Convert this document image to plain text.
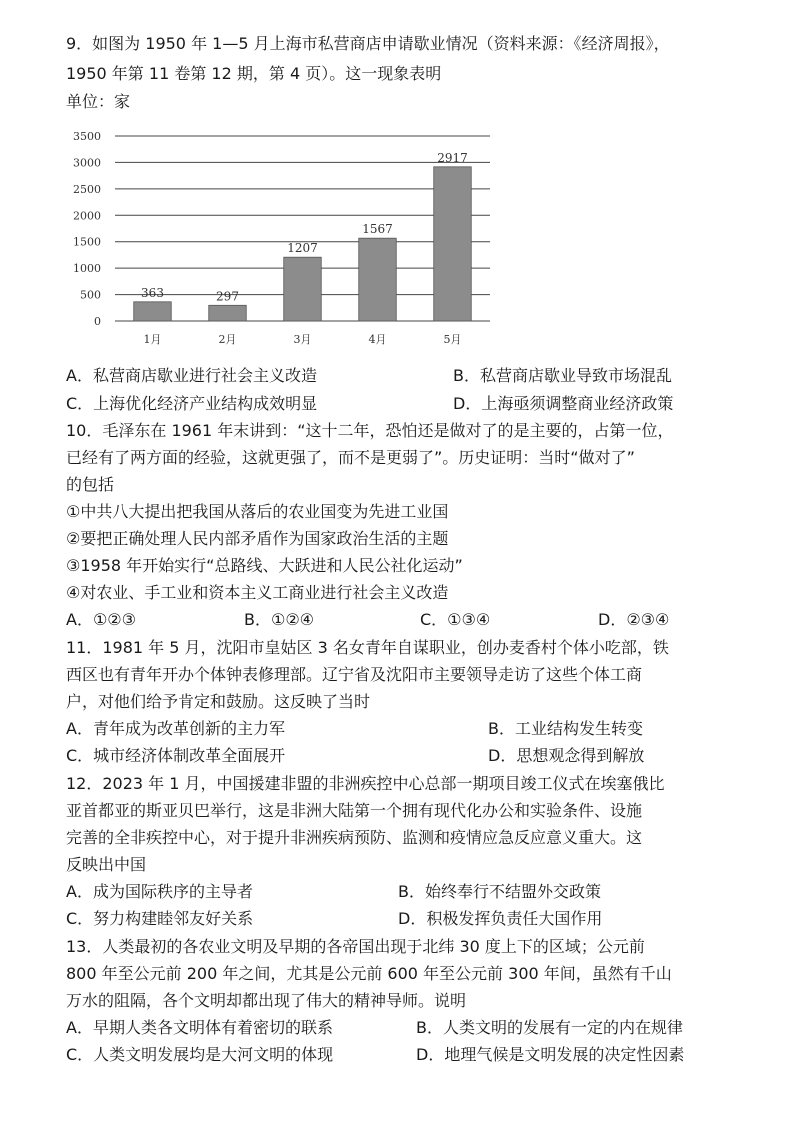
9．如图为 1950 年 1—5 月上海市私营商店申请歇业情况（资料来源：《经济周报》，
1950 年第 11 卷第 12 期，第 4 页）。这一现象表明
单位：家
0
500
1000
1500
2000
2500
3000
3500
363
1月
297
2月
1207
3月
1567
4月
2917
5月
A．私营商店歇业进行社会主义改造	B．私营商店歇业导致市场混乱
C．上海优化经济产业结构成效明显	D．上海亟须调整商业经济政策
10．毛泽东在 1961 年末讲到：“这十二年，恐怕还是做对了的是主要的，占第一位，
已经有了两方面的经验，这就更强了，而不是更弱了”。历史证明：当时“做对了”
的包括
①中共八大提出把我国从落后的农业国变为先进工业国
②要把正确处理人民内部矛盾作为国家政治生活的主题
③1958 年开始实行“总路线、大跃进和人民公社化运动”
④对农业、手工业和资本主义工商业进行社会主义改造
A．①②③	B．①②④	C．①③④	D．②③④
11．1981 年 5 月，沈阳市皇姑区 3 名女青年自谋职业，创办麦香村个体小吃部，铁
西区也有青年开办个体钟表修理部。辽宁省及沈阳市主要领导走访了这些个体工商
户，对他们给予肯定和鼓励。这反映了当时
A．青年成为改革创新的主力军	B．工业结构发生转变
C．城市经济体制改革全面展开	D．思想观念得到解放
12．2023 年 1 月，中国援建非盟的非洲疾控中心总部一期项目竣工仪式在埃塞俄比
亚首都亚的斯亚贝巴举行，这是非洲大陆第一个拥有现代化办公和实验条件、设施
完善的全非疾控中心，对于提升非洲疾病预防、监测和疫情应急反应意义重大。这
反映出中国
A．成为国际秩序的主导者	B．始终奉行不结盟外交政策
C．努力构建睦邻友好关系	D．积极发挥负责任大国作用
13．人类最初的各农业文明及早期的各帝国出现于北纬 30 度上下的区域；公元前
800 年至公元前 200 年之间，尤其是公元前 600 年至公元前 300 年间，虽然有千山
万水的阻隔，各个文明却都出现了伟大的精神导师。说明
A．早期人类各文明体有着密切的联系	B．人类文明的发展有一定的内在规律
C．人类文明发展均是大河文明的体现	D．地理气候是文明发展的决定性因素
